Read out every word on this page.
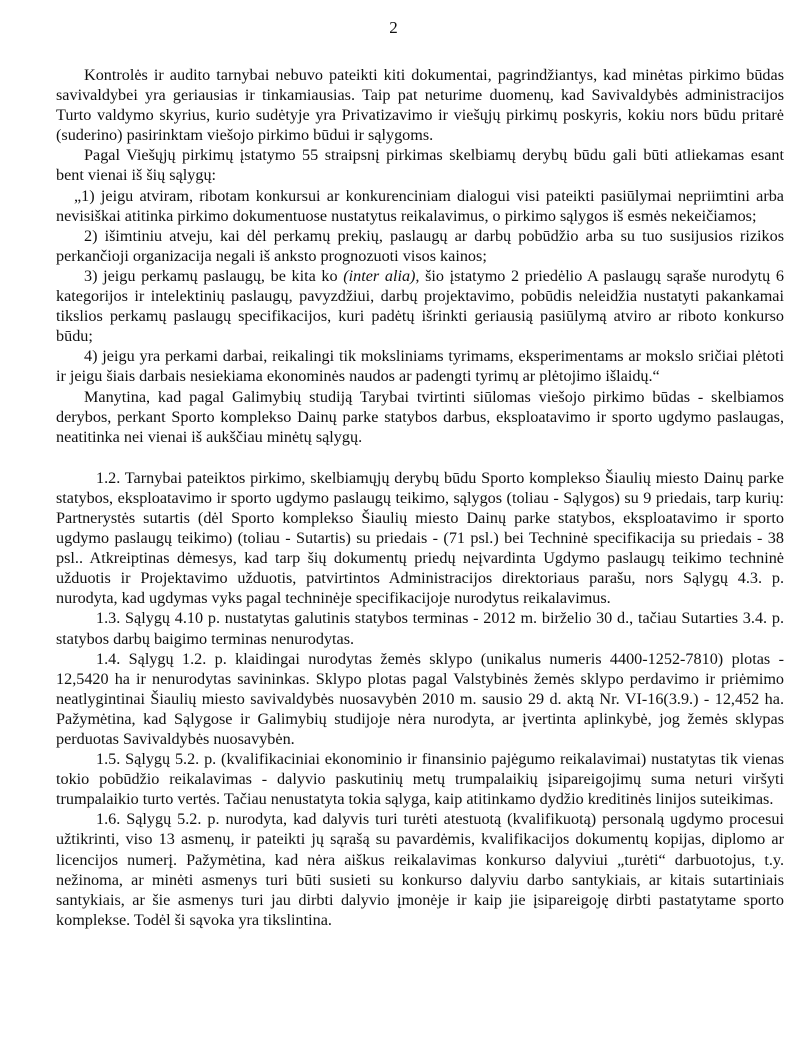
2

Kontrolės ir audito tarnybai nebuvo pateikti kiti dokumentai, pagrindžiantys, kad minėtas pirkimo būdas savivaldybei yra geriausias ir tinkamiausias. Taip pat neturime duomenų, kad Savivaldybės administracijos Turto valdymo skyrius, kurio sudėtyje yra Privatizavimo ir viešųjų pirkimų poskyris, kokiu nors būdu pritarė (suderino) pasirinktam viešojo pirkimo būdui ir sąlygoms.

Pagal Viešųjų pirkimų įstatymo 55 straipsnį pirkimas skelbiamų derybų būdu gali būti atliekamas esant bent vienai iš šių sąlygų:

„1) jeigu atviram, ribotam konkursui ar konkurenciniam dialogui visi pateikti pasiūlymai nepriimtini arba nevisiškai atitinka pirkimo dokumentuose nustatytus reikalavimus, o pirkimo sąlygos iš esmės nekeičiamos;

2) išimtiniu atveju, kai dėl perkamų prekių, paslaugų ar darbų pobūdžio arba su tuo susijusios rizikos perkančioji organizacija negali iš anksto prognozuoti visos kainos;

3) jeigu perkamų paslaugų, be kita ko (inter alia), šio įstatymo 2 priedėlio A paslaugų sąraše nurodytų 6 kategorijos ir intelektinių paslaugų, pavyzdžiui, darbų projektavimo, pobūdis neleidžia nustatyti pakankamai tikslios perkamų paslaugų specifikacijos, kuri padėtų išrinkti geriausią pasiūlymą atviro ar riboto konkurso būdu;

4) jeigu yra perkami darbai, reikalingi tik moksliniams tyrimams, eksperimentams ar mokslo sričiai plėtoti ir jeigu šiais darbais nesiekiama ekonominės naudos ar padengti tyrimų ar plėtojimo išlaidų.“

Manytina, kad pagal Galimybių studiją Tarybai tvirtinti siūlomas viešojo pirkimo būdas - skelbiamos derybos, perkant Sporto komplekso Dainų parke statybos darbus, eksploatavimo ir sporto ugdymo paslaugas, neatitinka nei vienai iš aukščiau minėtų sąlygų.

1.2. Tarnybai pateiktos pirkimo, skelbiamųjų derybų būdu Sporto komplekso Šiaulių miesto Dainų parke statybos, eksploatavimo ir sporto ugdymo paslaugų teikimo, sąlygos (toliau - Sąlygos) su 9 priedais, tarp kurių: Partnerystės sutartis (dėl Sporto komplekso Šiaulių miesto Dainų parke statybos, eksploatavimo ir sporto ugdymo paslaugų teikimo) (toliau - Sutartis) su priedais - (71 psl.) bei Techninė specifikacija su priedais - 38 psl.. Atkreiptinas dėmesys, kad tarp šių dokumentų priedų neįvardinta Ugdymo paslaugų teikimo techninė užduotis ir Projektavimo užduotis, patvirtintos Administracijos direktoriaus parašu, nors Sąlygų 4.3. p. nurodyta, kad ugdymas vyks pagal techninėje specifikacijoje nurodytus reikalavimus.

1.3. Sąlygų 4.10 p. nustatytas galutinis statybos terminas - 2012 m. birželio 30 d., tačiau Sutarties 3.4. p. statybos darbų baigimo terminas nenurodytas.

1.4. Sąlygų 1.2. p. klaidingai nurodytas žemės sklypo (unikalus numeris 4400-1252-7810) plotas - 12,5420 ha ir nenurodytas savininkas. Sklypo plotas pagal Valstybinės žemės sklypo perdavimo ir priėmimo neatlygintinai Šiaulių miesto savivaldybės nuosavybėn 2010 m. sausio 29 d. aktą Nr. VI-16(3.9.) - 12,452 ha. Pažymėtina, kad Sąlygose ir Galimybių studijoje nėra nurodyta, ar įvertinta aplinkybė, jog žemės sklypas perduotas Savivaldybės nuosavybėn.

1.5. Sąlygų 5.2. p. (kvalifikaciniai ekonominio ir finansinio pajėgumo reikalavimai) nustatytas tik vienas tokio pobūdžio reikalavimas - dalyvio paskutinių metų trumpalaikių įsipareigojimų suma neturi viršyti trumpalaikio turto vertės. Tačiau nenustatyta tokia sąlyga, kaip atitinkamo dydžio kreditinės linijos suteikimas.

1.6. Sąlygų 5.2. p. nurodyta, kad dalyvis turi turėti atestuotą (kvalifikuotą) personalą ugdymo procesui užtikrinti, viso 13 asmenų, ir pateikti jų sąrašą su pavardėmis, kvalifikacijos dokumentų kopijas, diplomo ar licencijos numerį. Pažymėtina, kad nėra aiškus reikalavimas konkurso dalyviui „turėti“ darbuotojus, t.y. nežinoma, ar minėti asmenys turi būti susieti su konkurso dalyviu darbo santykiais, ar kitais sutartiniais santykiais, ar šie asmenys turi jau dirbti dalyvio įmonėje ir kaip jie įsipareigoję dirbti pastatytame sporto komplekse. Todėl ši sąvoka yra tikslintina.
